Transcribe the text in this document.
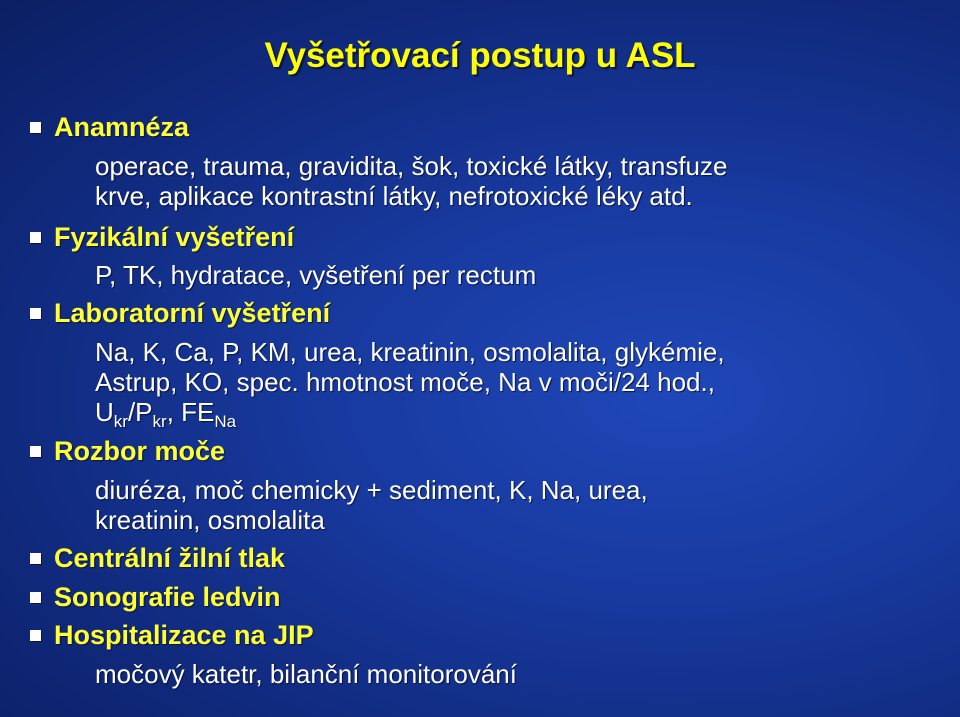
Vyšetřovací postup u ASL
Anamnéza
operace, trauma, gravidita, šok, toxické látky, transfuze
krve, aplikace kontrastní látky, nefrotoxické léky atd.
Fyzikální vyšetření
P, TK, hydratace, vyšetření per rectum
Laboratorní vyšetření
Na, K, Ca, P, KM, urea, kreatinin, osmolalita, glykémie,
Astrup, KO, spec. hmotnost moče, Na v moči/24 hod.,
$U_{kr}/P_{kr}$, $FE_{Na}$
Rozbor moče
diuréza, moč chemicky + sediment, K, Na, urea,
kreatinin, osmolalita
Centrální žilní tlak
Sonografie ledvin
Hospitalizace na JIP
močový katetr, bilanční monitorování
